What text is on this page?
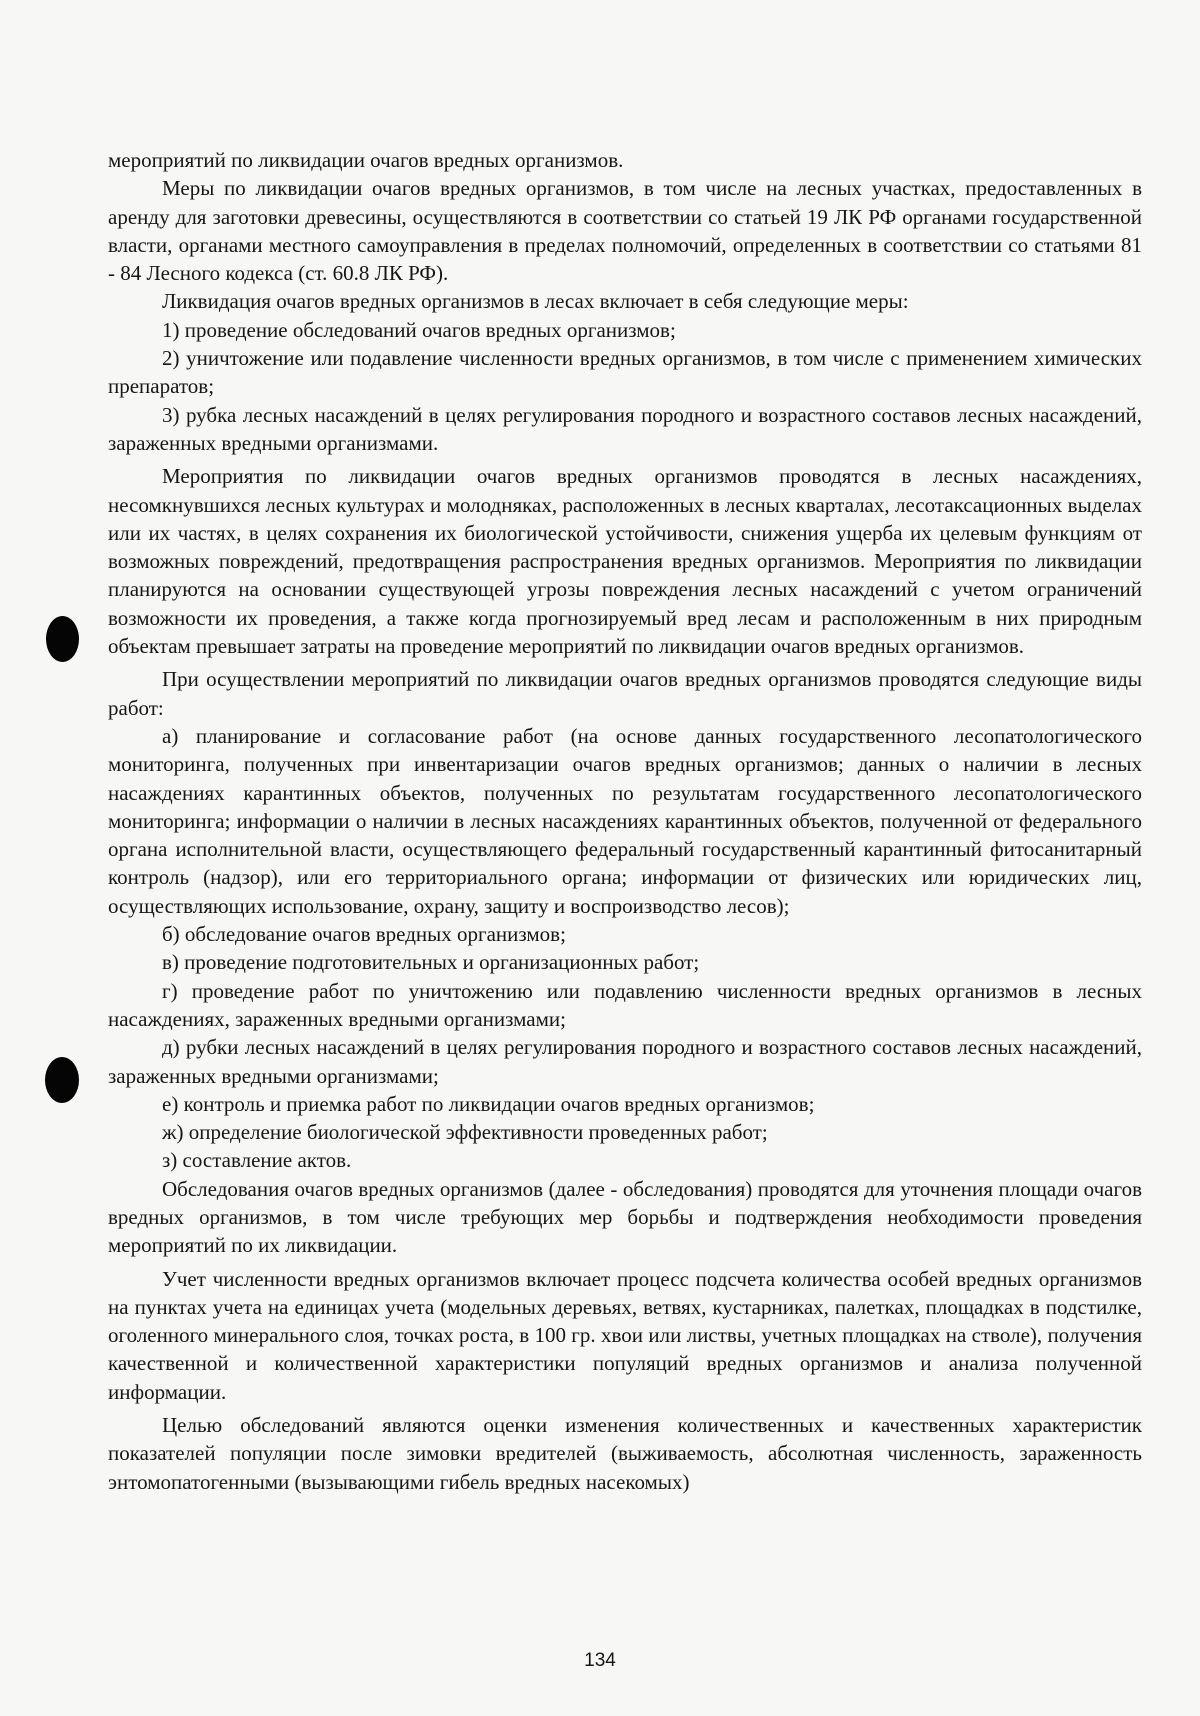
мероприятий по ликвидации очагов вредных организмов.

Меры по ликвидации очагов вредных организмов, в том числе на лесных участках, предоставленных в аренду для заготовки древесины, осуществляются в соответствии со статьей 19 ЛК РФ органами государственной власти, органами местного самоуправления в пределах полномочий, определенных в соответствии со статьями 81 - 84 Лесного кодекса (ст. 60.8 ЛК РФ).

Ликвидация очагов вредных организмов в лесах включает в себя следующие меры:

1) проведение обследований очагов вредных организмов;

2) уничтожение или подавление численности вредных организмов, в том числе с применением химических препаратов;

3) рубка лесных насаждений в целях регулирования породного и возрастного составов лесных насаждений, зараженных вредными организмами.

Мероприятия по ликвидации очагов вредных организмов проводятся в лесных насаждениях, несомкнувшихся лесных культурах и молодняках, расположенных в лесных кварталах, лесотаксационных выделах или их частях, в целях сохранения их биологической устойчивости, снижения ущерба их целевым функциям от возможных повреждений, предотвращения распространения вредных организмов. Мероприятия по ликвидации планируются на основании существующей угрозы повреждения лесных насаждений с учетом ограничений возможности их проведения, а также когда прогнозируемый вред лесам и расположенным в них природным объектам превышает затраты на проведение мероприятий по ликвидации очагов вредных организмов.

При осуществлении мероприятий по ликвидации очагов вредных организмов проводятся следующие виды работ:

а) планирование и согласование работ (на основе данных государственного лесопатологического мониторинга, полученных при инвентаризации очагов вредных организмов; данных о наличии в лесных насаждениях карантинных объектов, полученных по результатам государственного лесопатологического мониторинга; информации о наличии в лесных насаждениях карантинных объектов, полученной от федерального органа исполнительной власти, осуществляющего федеральный государственный карантинный фитосанитарный контроль (надзор), или его территориального органа; информации от физических или юридических лиц, осуществляющих использование, охрану, защиту и воспроизводство лесов);

б) обследование очагов вредных организмов;

в) проведение подготовительных и организационных работ;

г) проведение работ по уничтожению или подавлению численности вредных организмов в лесных насаждениях, зараженных вредными организмами;

д) рубки лесных насаждений в целях регулирования породного и возрастного составов лесных насаждений, зараженных вредными организмами;

е) контроль и приемка работ по ликвидации очагов вредных организмов;

ж) определение биологической эффективности проведенных работ;

з) составление актов.

Обследования очагов вредных организмов (далее - обследования) проводятся для уточнения площади очагов вредных организмов, в том числе требующих мер борьбы и подтверждения необходимости проведения мероприятий по их ликвидации.

Учет численности вредных организмов включает процесс подсчета количества особей вредных организмов на пунктах учета на единицах учета (модельных деревьях, ветвях, кустарниках, палетках, площадках в подстилке, оголенного минерального слоя, точках роста, в 100 гр. хвои или листвы, учетных площадках на стволе), получения качественной и количественной характеристики популяций вредных организмов и анализа полученной информации.

Целью обследований являются оценки изменения количественных и качественных характеристик показателей популяции после зимовки вредителей (выживаемость, абсолютная численность, зараженность энтомопатогенными (вызывающими гибель вредных насекомых)

134
